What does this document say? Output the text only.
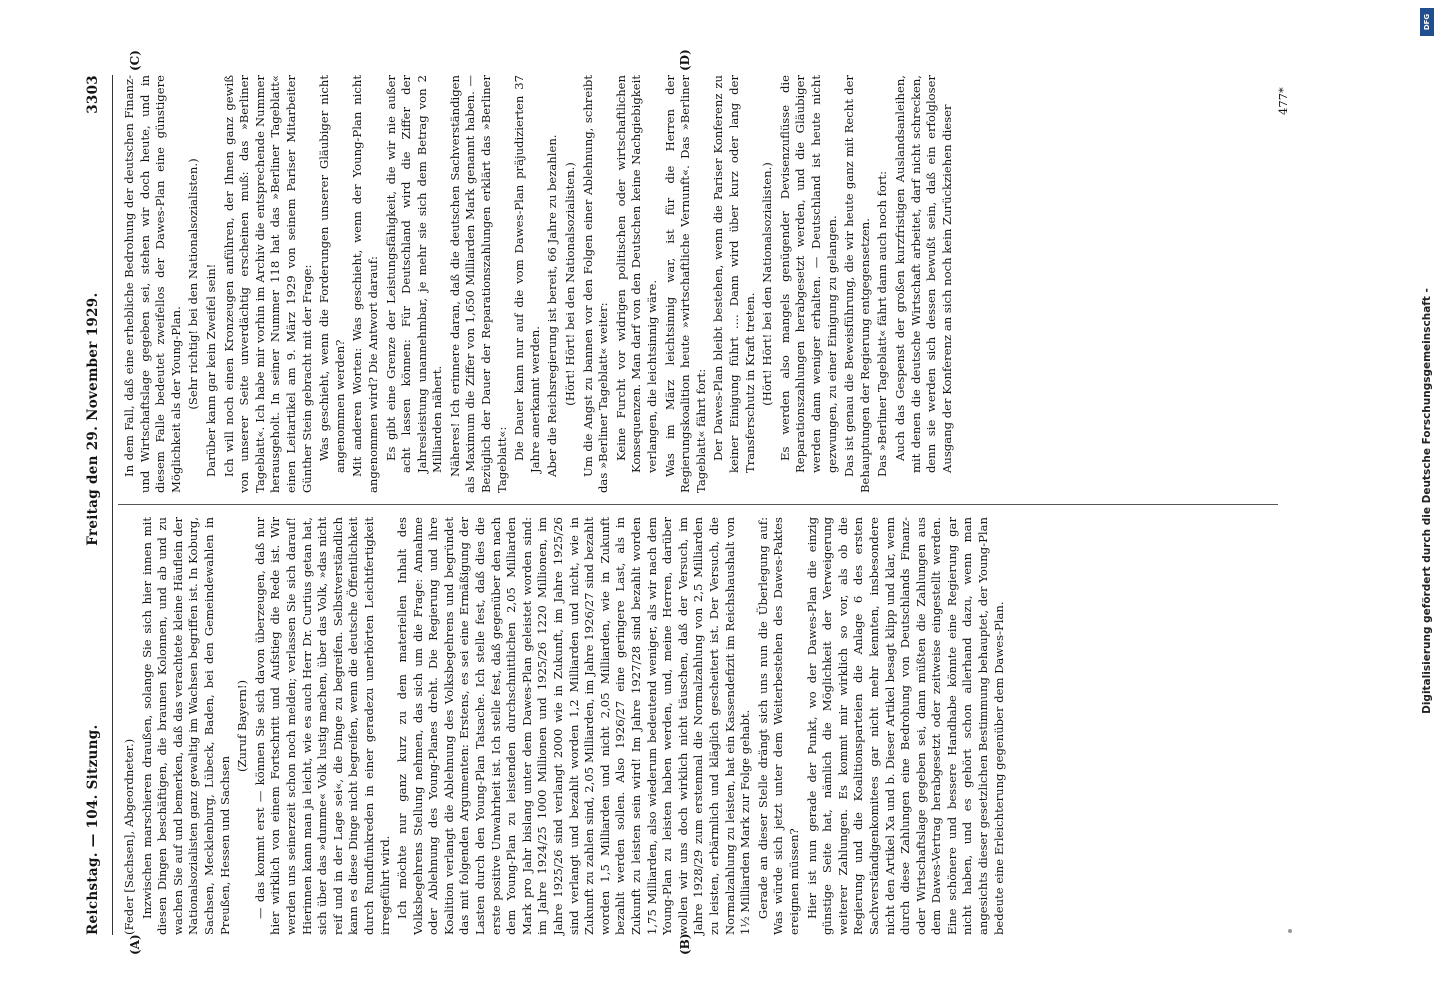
Digitalisierung gefördert durch die Deutsche Forschungsgemeinschaft -
DFG
Reichstag. — 104. Sitzung.
Freitag den 29. November 1929.
3303
(A)	(B)
(C)	(D)

(Feder [Sachsen], Abgeordneter.) Inzwischen marschieren draußen, solange Sie sich hier innen mit diesen Dingen beschäftigen, die braunen Kolonnen, und ab und zu wachen Sie auf und bemerken, daß das verachtete kleine Häuflein der Nationalsozialisten ganz gewaltig im Wachsen begriffen ist. In Koburg, Sachsen, Mecklenburg, Lübeck, Baden, bei den Gemeindewahlen in Preußen, Hessen und Sachsen

(Zuruf Bayern!) — das kommt erst — können Sie sich davon überzeugen, daß nur hier wirklich von einem Fortschritt und Aufstieg die Rede ist. Wir werden uns seinerzeit schon noch melden; verlassen Sie sich darauf! Hierinnen kann man ja leicht, wie es auch Herr Dr. Curtius getan hat, sich über das »dumme« Volk lustig machen, über das Volk, »das nicht reif und in der Lage sei«, die Dinge zu begreifen. Selbstverständlich kann es diese Dinge nicht begreifen, wenn die deutsche Öffentlichkeit durch Rundfunkreden in einer geradezu unerhörten Leichtfertigkeit irregeführt wird. Ich möchte nur ganz kurz zu dem materiellen Inhalt des Volksbegehrens Stellung nehmen, das sich um die Frage: Annahme oder Ablehnung des Young-Planes dreht. Die Regierung und ihre Koalition verlangt die Ablehnung des Volksbegehrens und begründet das mit folgenden Argumenten: Erstens, es sei eine Ermäßigung der Lasten durch den Young-Plan Tatsache. Ich stelle fest, daß dies die erste positive Unwahrheit ist. Ich stelle fest, daß gegenüber den nach dem Young-Plan zu leistenden durchschnittlichen 2,05 Milliarden Mark pro Jahr bislang unter dem Dawes-Plan geleistet worden sind: im Jahre 1924/25 1000 Millionen und 1925/26 1220 Millionen, im Jahre 1925/26 sind verlangt 2000 wie in Zukunft, im Jahre 1925/26 sind verlangt und bezahlt worden 1,2 Milliarden und nicht, wie in Zukunft zu zahlen sind, 2,05 Milliarden, im Jahre 1926/27 sind bezahlt worden 1,5 Milliarden und nicht 2,05 Milliarden, wie in Zukunft bezahlt werden sollen. Also 1926/27 eine geringere Last, als in Zukunft zu leisten sein wird! Im Jahre 1927/28 sind bezahlt worden 1,75 Milliarden, also wiederum bedeutend weniger, als wir nach dem Young-Plan zu leisten haben werden, und, meine Herren, darüber wollen wir uns doch wirklich nicht täuschen, daß der Versuch, im Jahre 1928/29 zum erstenmal die Normalzahlung von 2,5 Milliarden zu leisten, erbärmlich und kläglich gescheitert ist. Der Versuch, die Normalzahlung zu leisten, hat ein Kassendefizit im Reichshaushalt von 1½ Milliarden Mark zur Folge gehabt. Gerade an dieser Stelle drängt sich uns nun die Überlegung auf: Was würde sich jetzt unter dem Weiterbestehen des Dawes-Paktes ereignen müssen? Hier ist nun gerade der Punkt, wo der Dawes-Plan die einzig günstige Seite hat, nämlich die Möglichkeit der Verweigerung weiterer Zahlungen. Es kommt mir wirklich so vor, als ob die Regierung und die Koalitionsparteien die Anlage 6 des ersten Sachverständigenkomitees gar nicht mehr kennten, insbesondere nicht den Artikel Xa und b. Dieser Artikel besagt klipp und klar, wenn durch diese Zahlungen eine Bedrohung von Deutschlands Finanz- oder Wirtschaftslage gegeben sei, dann müßten die Zahlungen aus dem Dawes-Vertrag herabgesetzt oder zeitweise eingestellt werden. Eine schönere und bessere Handhabe könnte eine Regierung gar nicht haben, und es gehört schon allerhand dazu, wenn man angesichts dieser gesetzlichen Bestimmung behauptet, der Young-Plan bedeute eine Erleichterung gegenüber dem Dawes-Plan.

In dem Fall, daß eine erhebliche Bedrohung der deutschen Finanz- und Wirtschaftslage gegeben sei, stehen wir doch heute, und in diesem Falle bedeutet zweifellos der Dawes-Plan eine günstigere Möglichkeit als der Young-Plan. (Sehr richtig! bei den Nationalsozialisten.) Darüber kann gar kein Zweifel sein! Ich will noch einen Kronzeugen anführen, der Ihnen ganz gewiß von unserer Seite unverdächtig erscheinen muß: das »Berliner Tageblatt«. Ich habe mir vorhin im Archiv die entsprechende Nummer herausgeholt. In seiner Nummer 118 hat das »Berliner Tageblatt« einen Leitartikel am 9. März 1929 von seinem Pariser Mitarbeiter Günther Stein gebracht mit der Frage: Was geschieht, wenn die Forderungen unserer Gläubiger nicht angenommen werden? Mit anderen Worten: Was geschieht, wenn der Young-Plan nicht angenommen wird? Die Antwort darauf: Es gibt eine Grenze der Leistungsfähigkeit, die wir nie außer acht lassen können: Für Deutschland wird die Ziffer der Jahresleistung unannehmbar, je mehr sie sich dem Betrag von 2 Milliarden nähert. Näheres! Ich erinnere daran, daß die deutschen Sachverständigen als Maximum die Ziffer von 1,650 Milliarden Mark genannt haben. — Bezüglich der Dauer der Reparationszahlungen erklärt das »Berliner Tageblatt«: Die Dauer kann nur auf die vom Dawes-Plan präjudizierten 37 Jahre anerkannt werden. Aber die Reichsregierung ist bereit, 66 Jahre zu bezahlen. (Hört! Hört! bei den Nationalsozialisten.) Um die Angst zu bannen vor den Folgen einer Ablehnung, schreibt das »Berliner Tageblatt« weiter: Keine Furcht vor widrigen politischen oder wirtschaftlichen Konsequenzen. Man darf von den Deutschen keine Nachgiebigkeit verlangen, die leichtsinnig wäre. Was im März leichtsinnig war, ist für die Herren der Regierungskoalition heute »wirtschaftliche Vernunft«. Das »Berliner Tageblatt« fährt fort: Der Dawes-Plan bleibt bestehen, wenn die Pariser Konferenz zu keiner Einigung führt .... Dann wird über kurz oder lang der Transferschutz in Kraft treten. (Hört! Hört! bei den Nationalsozialisten.) Es werden also mangels genügender Devisenzuflüsse die Reparationszahlungen herabgesetzt werden, und die Gläubiger werden dann weniger erhalten. — Deutschland ist heute nicht gezwungen, zu einer Einigung zu gelangen. Das ist genau die Beweisführung, die wir heute ganz mit Recht der Behauptungen der Regierung entgegensetzen. Das »Berliner Tageblatt« fährt dann auch noch fort: Auch das Gespenst der großen kurzfristigen Auslandsanleihen, mit denen die deutsche Wirtschaft arbeitet, darf nicht schrecken, denn sie werden sich dessen bewußt sein, daß ein erfolgloser Ausgang der Konferenz an sich noch kein Zurückziehen dieser

477*
